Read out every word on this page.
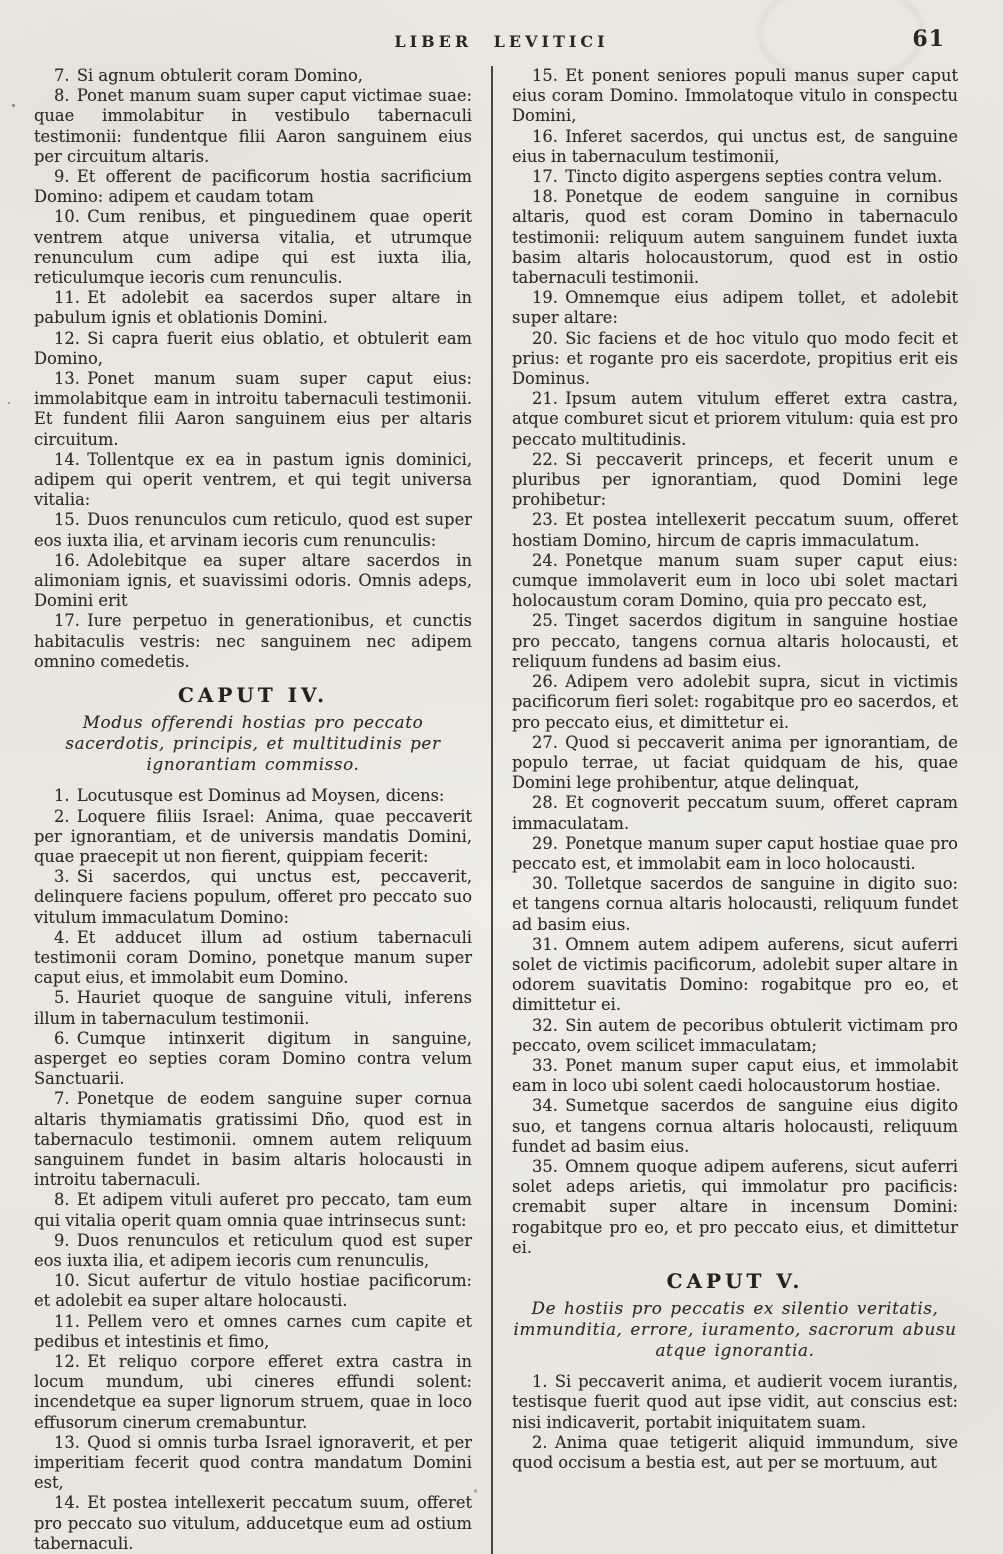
LIBER LEVITICI	61

7. Si agnum obtulerit coram Domino,

8. Ponet manum suam super caput victimae suae: quae immolabitur in vestibulo tabernaculi testimonii: fundentque filii Aaron sanguinem eius per circuitum altaris.

9. Et offerent de pacificorum hostia sacrificium Domino: adipem et caudam totam

10. Cum renibus, et pinguedinem quae operit ventrem atque universa vitalia, et utrumque renunculum cum adipe qui est iuxta ilia, reticulumque iecoris cum renunculis.

11. Et adolebit ea sacerdos super altare in pabulum ignis et oblationis Domini.

12. Si capra fuerit eius oblatio, et obtulerit eam Domino,

13. Ponet manum suam super caput eius: immolabitque eam in introitu tabernaculi testimonii. Et fundent filii Aaron sanguinem eius per altaris circuitum.

14. Tollentque ex ea in pastum ignis dominici, adipem qui operit ventrem, et qui tegit universa vitalia:

15. Duos renunculos cum reticulo, quod est super eos iuxta ilia, et arvinam iecoris cum renunculis:

16. Adolebitque ea super altare sacerdos in alimoniam ignis, et suavissimi odoris. Omnis adeps, Domini erit

17. Iure perpetuo in generationibus, et cunctis habitaculis vestris: nec sanguinem nec adipem omnino comedetis.

CAPUT IV.

Modus offerendi hostias pro peccato sacerdotis, principis, et multitudinis per ignorantiam commisso.

1. Locutusque est Dominus ad Moysen, dicens:

2. Loquere filiis Israel: Anima, quae peccaverit per ignorantiam, et de universis mandatis Domini, quae praecepit ut non fierent, quippiam fecerit:

3. Si sacerdos, qui unctus est, peccaverit, delinquere faciens populum, offeret pro peccato suo vitulum immaculatum Domino:

4. Et adducet illum ad ostium tabernaculi testimonii coram Domino, ponetque manum super caput eius, et immolabit eum Domino.

5. Hauriet quoque de sanguine vituli, inferens illum in tabernaculum testimonii.

6. Cumque intinxerit digitum in sanguine, asperget eo septies coram Domino contra velum Sanctuarii.

7. Ponetque de eodem sanguine super cornua altaris thymiamatis gratissimi Dño, quod est in tabernaculo testimonii. omnem autem reliquum sanguinem fundet in basim altaris holocausti in introitu tabernaculi.

8. Et adipem vituli auferet pro peccato, tam eum qui vitalia operit quam omnia quae intrinsecus sunt:

9. Duos renunculos et reticulum quod est super eos iuxta ilia, et adipem iecoris cum renunculis,

10. Sicut aufertur de vitulo hostiae pacificorum: et adolebit ea super altare holocausti.

11. Pellem vero et omnes carnes cum capite et pedibus et intestinis et fimo,

12. Et reliquo corpore efferet extra castra in locum mundum, ubi cineres effundi solent: incendetque ea super lignorum struem, quae in loco effusorum cinerum cremabuntur.

13. Quod si omnis turba Israel ignoraverit, et per imperitiam fecerit quod contra mandatum Domini est,

14. Et postea intellexerit peccatum suum, offeret pro peccato suo vitulum, adducetque eum ad ostium tabernaculi.

15. Et ponent seniores populi manus super caput eius coram Domino. Immolatoque vitulo in conspectu Domini,

16. Inferet sacerdos, qui unctus est, de sanguine eius in tabernaculum testimonii,

17. Tincto digito aspergens septies contra velum.

18. Ponetque de eodem sanguine in cornibus altaris, quod est coram Domino in tabernaculo testimonii: reliquum autem sanguinem fundet iuxta basim altaris holocaustorum, quod est in ostio tabernaculi testimonii.

19. Omnemque eius adipem tollet, et adolebit super altare:

20. Sic faciens et de hoc vitulo quo modo fecit et prius: et rogante pro eis sacerdote, propitius erit eis Dominus.

21. Ipsum autem vitulum efferet extra castra, atque comburet sicut et priorem vitulum: quia est pro peccato multitudinis.

22. Si peccaverit princeps, et fecerit unum e pluribus per ignorantiam, quod Domini lege prohibetur:

23. Et postea intellexerit peccatum suum, offeret hostiam Domino, hircum de capris immaculatum.

24. Ponetque manum suam super caput eius: cumque immolaverit eum in loco ubi solet mactari holocaustum coram Domino, quia pro peccato est,

25. Tinget sacerdos digitum in sanguine hostiae pro peccato, tangens cornua altaris holocausti, et reliquum fundens ad basim eius.

26. Adipem vero adolebit supra, sicut in victimis pacificorum fieri solet: rogabitque pro eo sacerdos, et pro peccato eius, et dimittetur ei.

27. Quod si peccaverit anima per ignorantiam, de populo terrae, ut faciat quidquam de his, quae Domini lege prohibentur, atque delinquat,

28. Et cognoverit peccatum suum, offeret capram immaculatam.

29. Ponetque manum super caput hostiae quae pro peccato est, et immolabit eam in loco holocausti.

30. Tolletque sacerdos de sanguine in digito suo: et tangens cornua altaris holocausti, reliquum fundet ad basim eius.

31. Omnem autem adipem auferens, sicut auferri solet de victimis pacificorum, adolebit super altare in odorem suavitatis Domino: rogabitque pro eo, et dimittetur ei.

32. Sin autem de pecoribus obtulerit victimam pro peccato, ovem scilicet immaculatam;

33. Ponet manum super caput eius, et immolabit eam in loco ubi solent caedi holocaustorum hostiae.

34. Sumetque sacerdos de sanguine eius digito suo, et tangens cornua altaris holocausti, reliquum fundet ad basim eius.

35. Omnem quoque adipem auferens, sicut auferri solet adeps arietis, qui immolatur pro pacificis: cremabit super altare in incensum Domini: rogabitque pro eo, et pro peccato eius, et dimittetur ei.

CAPUT V.

De hostiis pro peccatis ex silentio veritatis, immunditia, errore, iuramento, sacrorum abusu atque ignorantia.

1. Si peccaverit anima, et audierit vocem iurantis, testisque fuerit quod aut ipse vidit, aut conscius est: nisi indicaverit, portabit iniquitatem suam.

2. Anima quae tetigerit aliquid immundum, sive quod occisum a bestia est, aut per se mortuum, aut
